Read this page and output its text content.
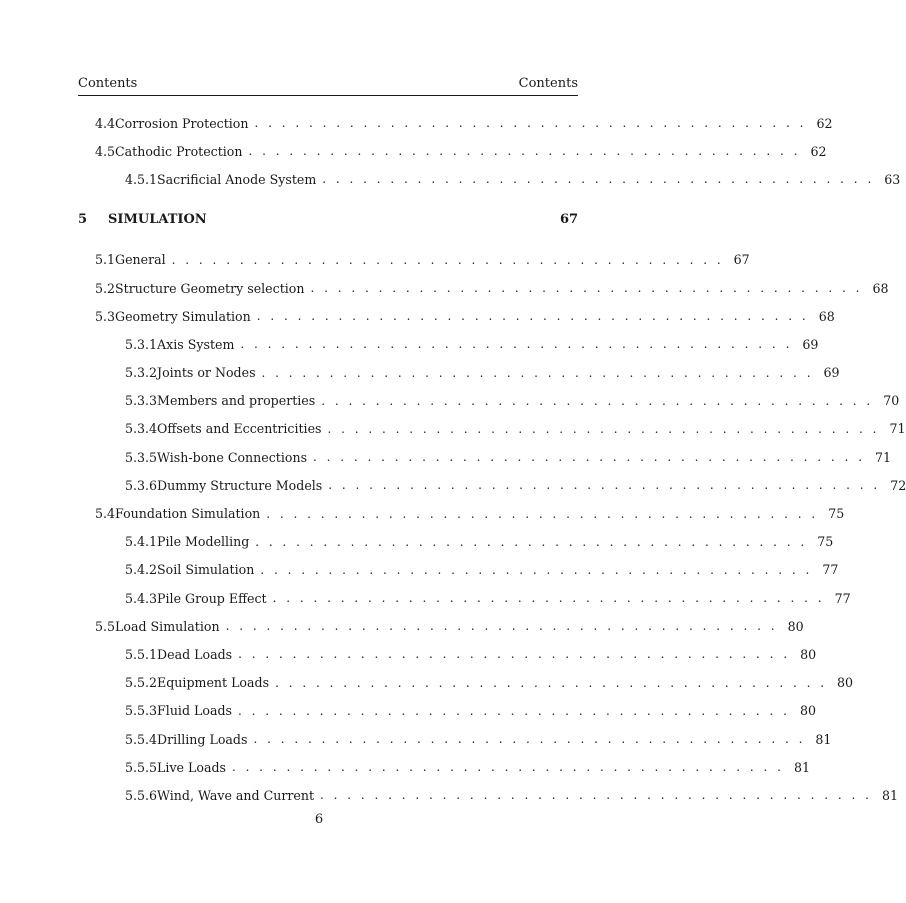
Contents	Contents
4.4 Corrosion Protection . . . . . . . . . . . . . . . . . . . . . . . . . . . . . . . . . . . . . . . . . 62
4.5 Cathodic Protection . . . . . . . . . . . . . . . . . . . . . . . . . . . . . . . . . . . . . . . . . 62
4.5.1 Sacrificial Anode System . . . . . . . . . . . . . . . . . . . . . . . . . . . . . . . . . . . . . . . . . 63
5	SIMULATION	67
5.1 General . . . . . . . . . . . . . . . . . . . . . . . . . . . . . . . . . . . . . . . . . 67
5.2 Structure Geometry selection . . . . . . . . . . . . . . . . . . . . . . . . . . . . . . . . . . . . . . . . . 68
5.3 Geometry Simulation . . . . . . . . . . . . . . . . . . . . . . . . . . . . . . . . . . . . . . . . . 68
5.3.1 Axis System . . . . . . . . . . . . . . . . . . . . . . . . . . . . . . . . . . . . . . . . . 69
5.3.2 Joints or Nodes . . . . . . . . . . . . . . . . . . . . . . . . . . . . . . . . . . . . . . . . . 69
5.3.3 Members and properties . . . . . . . . . . . . . . . . . . . . . . . . . . . . . . . . . . . . . . . . . 70
5.3.4 Offsets and Eccentricities . . . . . . . . . . . . . . . . . . . . . . . . . . . . . . . . . . . . . . . . . 71
5.3.5 Wish-bone Connections . . . . . . . . . . . . . . . . . . . . . . . . . . . . . . . . . . . . . . . . . 71
5.3.6 Dummy Structure Models . . . . . . . . . . . . . . . . . . . . . . . . . . . . . . . . . . . . . . . . . 72
5.4 Foundation Simulation . . . . . . . . . . . . . . . . . . . . . . . . . . . . . . . . . . . . . . . . . 75
5.4.1 Pile Modelling . . . . . . . . . . . . . . . . . . . . . . . . . . . . . . . . . . . . . . . . . 75
5.4.2 Soil Simulation . . . . . . . . . . . . . . . . . . . . . . . . . . . . . . . . . . . . . . . . . 77
5.4.3 Pile Group Effect . . . . . . . . . . . . . . . . . . . . . . . . . . . . . . . . . . . . . . . . . 77
5.5 Load Simulation . . . . . . . . . . . . . . . . . . . . . . . . . . . . . . . . . . . . . . . . . 80
5.5.1 Dead Loads . . . . . . . . . . . . . . . . . . . . . . . . . . . . . . . . . . . . . . . . . 80
5.5.2 Equipment Loads . . . . . . . . . . . . . . . . . . . . . . . . . . . . . . . . . . . . . . . . . 80
5.5.3 Fluid Loads . . . . . . . . . . . . . . . . . . . . . . . . . . . . . . . . . . . . . . . . . 80
5.5.4 Drilling Loads . . . . . . . . . . . . . . . . . . . . . . . . . . . . . . . . . . . . . . . . . 81
5.5.5 Live Loads . . . . . . . . . . . . . . . . . . . . . . . . . . . . . . . . . . . . . . . . . 81
5.5.6 Wind, Wave and Current . . . . . . . . . . . . . . . . . . . . . . . . . . . . . . . . . . . . . . . . . 81
6
